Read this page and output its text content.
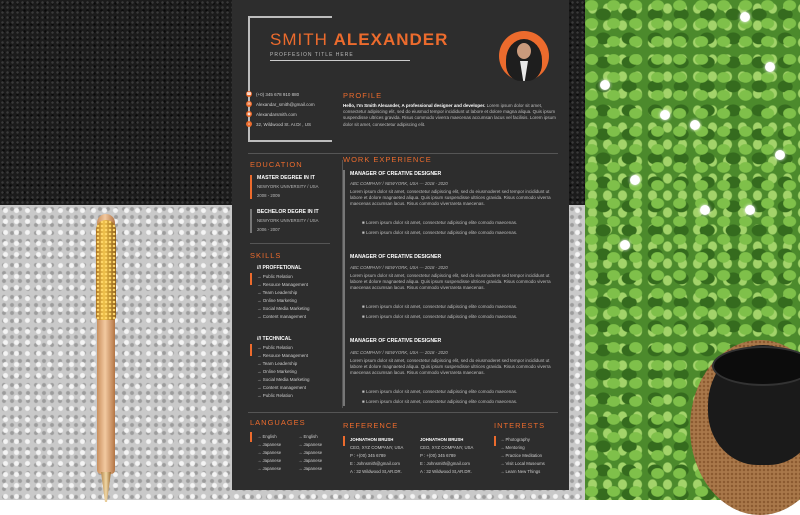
SMITH ALEXANDER
PROFFESION TITLE HERE
☎ (+0) 345 678 910 880
✉ Alexandar_smith@gmail.com
◉ Alexandarsmith.com
⌂	32, Wildwood St. Ar.Dr , US
PROFILE
Hello, I'm Smith Alexander, A professional designer and developer. Lorem ipsum dolor sit amet, consectetur adipiscing elit, sed do eiusmod tempor incididunt ut labore et dolore magna aliqua. Quis ipsum suspendisse ultrices gravida. Risus commodo viverra maecenas accumsan lacus vel facilisis. Lorem ipsum dolor sit amet, consectetur adipiscing elit.
EDUCATION
MASTER DEGREE IN IT
NEWYORK UNIVERSITY / USA
2008 - 2009
BECHELOR DEGRE IN IT
NEWYORK UNIVERSITY / USA
2006 - 2007
SKILLS
/// PROFFETIONAL
→ Public Relation
→ Resouce Management
→ Team Leadership
→ Online Marketing
→ Social Media Marketing
→ Content management
/// TECHNICAL
→ Public Relation
→ Resouce Management
→ Team Leadership
→ Online Marketing
→ Social Media Marketing
→ Content management
→ Public Relation
WORK EXPERIENCE
MANAGER OF CREATIVE DESIGNER
ABC COMPANY / NEWYORK, USA --- 2018 - 2020
Lorem ipsum dolor sit amet, consectetur adipiscing elit, sed do eiusmoderet sed tempor incididunt ut labore et dolore magnaeted aliqua. Quis ipsum suspendisse ultrices gravida. Risus commodo viverra maecenas accumsan lacus. Risus commodo viverrareta maecenas.
■ Lorem ipsum dolor sit amet, consectetur adipiscing elite comodo maecenas.
■ Lorem ipsum dolor sit amet, consectetur adipiscing elite comodo maecenas.
MANAGER OF CREATIVE DESIGNER
ABC COMPANY / NEWYORK, USA --- 2018 - 2020
Lorem ipsum dolor sit amet, consectetur adipiscing elit, sed do eiusmoderet sed tempor incididunt ut labore et dolore magnaeted aliqua. Quis ipsum suspendisse ultrices gravida. Risus commodo viverra maecenas accumsan lacus. Risus commodo viverrareta maecenas.
■ Lorem ipsum dolor sit amet, consectetur adipiscing elite comodo maecenas.
■ Lorem ipsum dolor sit amet, consectetur adipiscing elite comodo maecenas.
MANAGER OF CREATIVE DESIGNER
ABC COMPANY / NEWYORK, USA --- 2018 - 2020
Lorem ipsum dolor sit amet, consectetur adipiscing elit, sed do eiusmoderet sed tempor incididunt ut labore et dolore magnaeted aliqua. Quis ipsum suspendisse ultrices gravida. Risus commodo viverra maecenas accumsan lacus. Risus commodo viverrareta maecenas.
■ Lorem ipsum dolor sit amet, consectetur adipiscing elite comodo maecenas.
■ Lorem ipsum dolor sit amet, consectetur adipiscing elite comodo maecenas.
LANGUAGES
→ English
→ Japanese
→ Japanese
→ Japanese
→ Japanese
→ English
→ Japanese
→ Japanese
→ Japanese
→ Japanese
REFERENCE
JOHNATHON BRUSH
CEO, XYZ COMPANY, USA
P : +(00) 345 6789
E : Johnsmith@gmail.com
A : 32 Wildwood St,AR.DR.
JOHNATHON BRUSH
CEO, XYZ COMPANY, USA
P : +(00) 345 6789
E : Johnsmith@gmail.com
A : 32 Wildwood St,AR.DR.
INTERESTS
→ Photography
→ Mentoring
→ Practice Meditation
→ Visit Local Museums
→ Learn New Things
